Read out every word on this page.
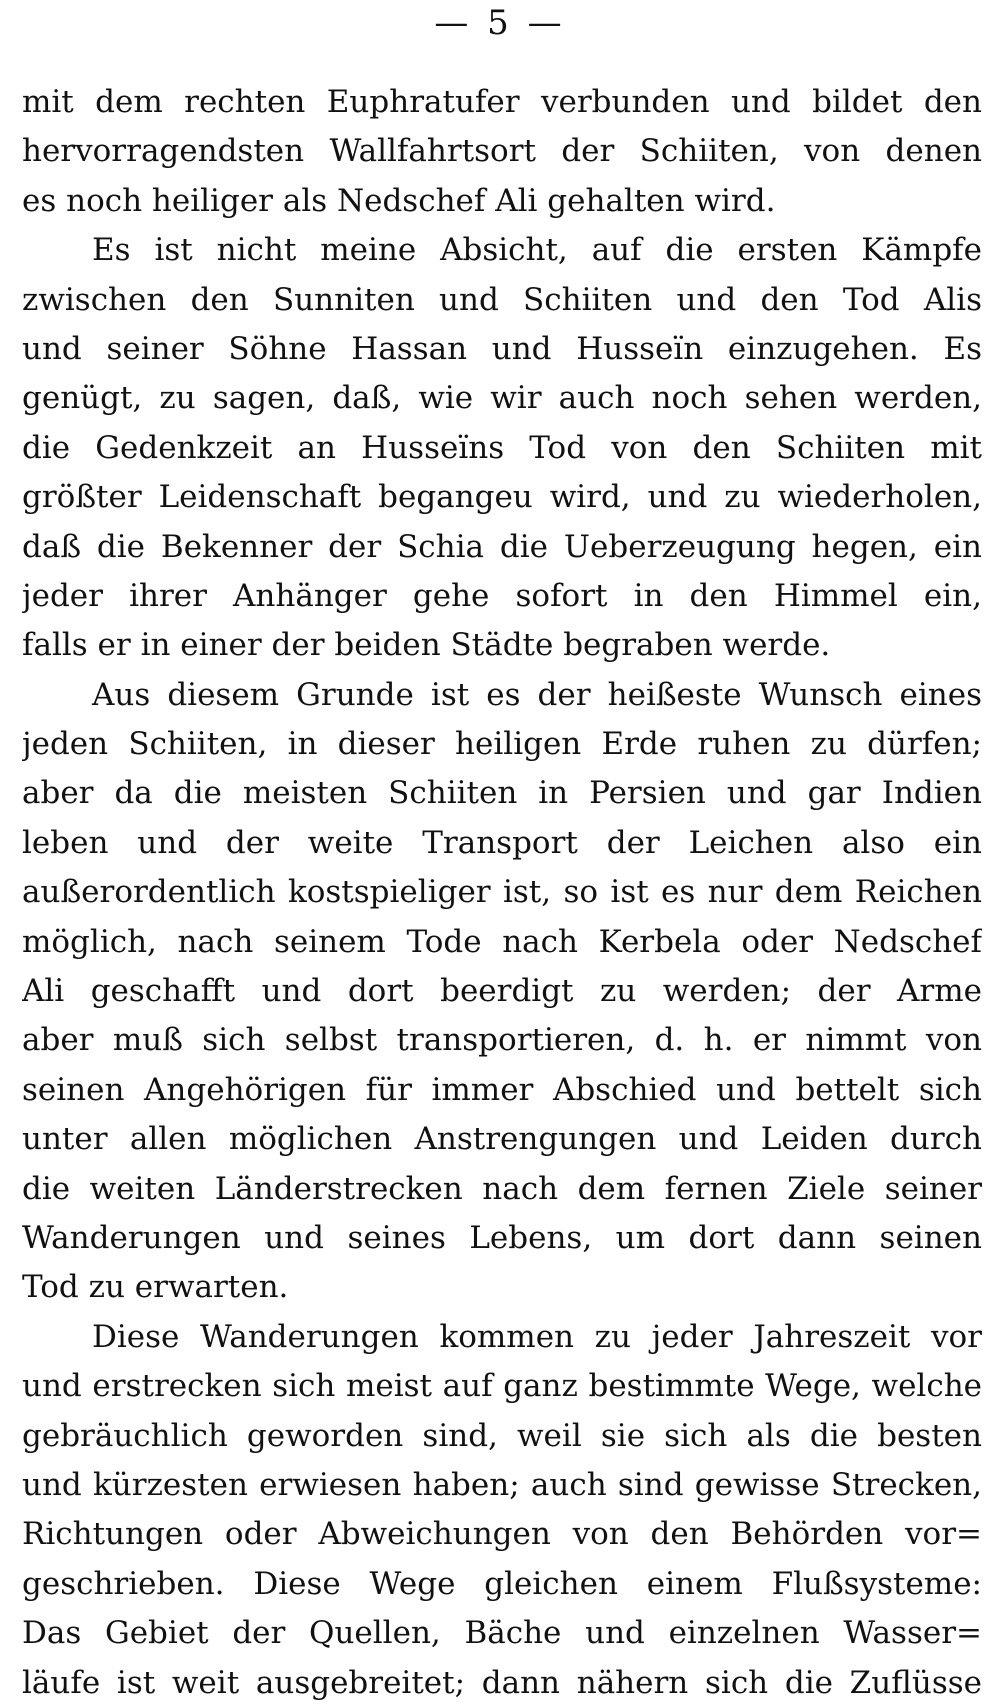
— 5 —
mit dem rechten Euphratufer verbunden und bildet den
hervorragendsten Wallfahrtsort der Schiiten, von denen
es noch heiliger als Nedschef Ali gehalten wird.
Es ist nicht meine Absicht, auf die ersten Kämpfe
zwischen den Sunniten und Schiiten und den Tod Alis
und seiner Söhne Hassan und Husseïn einzugehen. Es
genügt, zu sagen, daß, wie wir auch noch sehen werden,
die Gedenkzeit an Husseïns Tod von den Schiiten mit
größter Leidenschaft begangeu wird, und zu wiederholen,
daß die Bekenner der Schia die Ueberzeugung hegen, ein
jeder ihrer Anhänger gehe sofort in den Himmel ein,
falls er in einer der beiden Städte begraben werde.
Aus diesem Grunde ist es der heißeste Wunsch eines
jeden Schiiten, in dieser heiligen Erde ruhen zu dürfen;
aber da die meisten Schiiten in Persien und gar Indien
leben und der weite Transport der Leichen also ein
außerordentlich kostspieliger ist, so ist es nur dem Reichen
möglich, nach seinem Tode nach Kerbela oder Nedschef
Ali geschafft und dort beerdigt zu werden; der Arme
aber muß sich selbst transportieren, d. h. er nimmt von
seinen Angehörigen für immer Abschied und bettelt sich
unter allen möglichen Anstrengungen und Leiden durch
die weiten Länderstrecken nach dem fernen Ziele seiner
Wanderungen und seines Lebens, um dort dann seinen
Tod zu erwarten.
Diese Wanderungen kommen zu jeder Jahreszeit vor
und erstrecken sich meist auf ganz bestimmte Wege, welche
gebräuchlich geworden sind, weil sie sich als die besten
und kürzesten erwiesen haben; auch sind gewisse Strecken,
Richtungen oder Abweichungen von den Behörden vor=
geschrieben. Diese Wege gleichen einem Flußsysteme:
Das Gebiet der Quellen, Bäche und einzelnen Wasser=
läufe ist weit ausgebreitet; dann nähern sich die Zuflüsse
